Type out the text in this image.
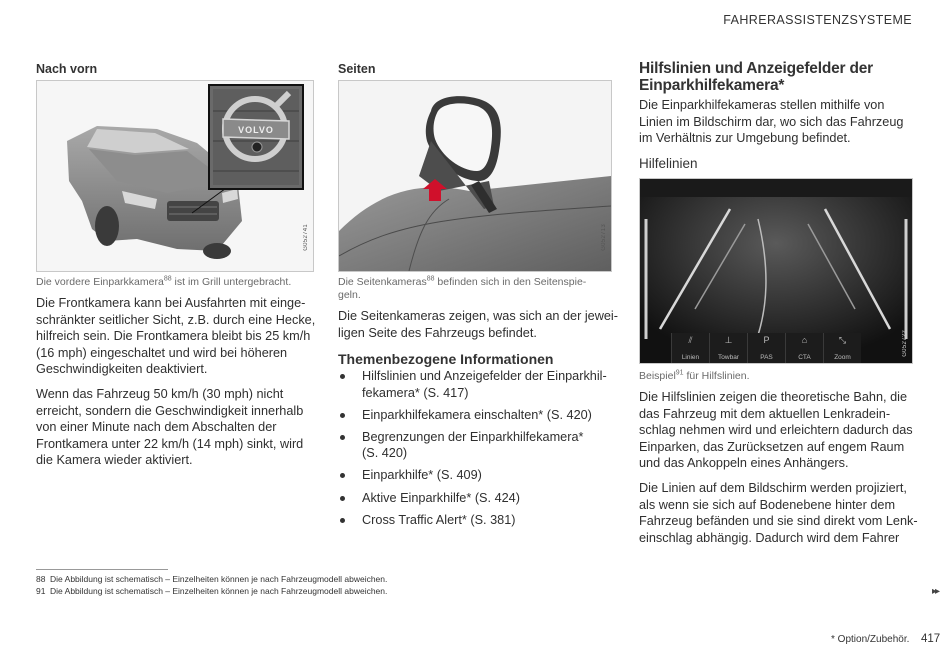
FAHRERASSISTENZSYSTEME
Nach vorn
VOLVO
G052741
Die vordere Einparkkamera$^{88}$ ist im Grill untergebracht.

Die Frontkamera kann bei Ausfahrten mit einge-
schränkter seitlicher Sicht, z.B. durch eine Hecke,
hilfreich sein. Die Frontkamera bleibt bis 25 km/h
(16 mph) eingeschaltet und wird bei höheren
Geschwindigkeiten deaktiviert.

Wenn das Fahrzeug 50 km/h (30 mph) nicht
erreicht, sondern die Geschwindigkeit innerhalb
von einer Minute nach dem Abschalten der
Frontkamera unter 22 km/h (14 mph) sinkt, wird
die Kamera wieder aktiviert.

Seiten
G052713
Die Seitenkameras$^{88}$ befinden sich in den Seitenspie-
geln.
Die Seitenkameras zeigen, was sich an der jewei-
ligen Seite des Fahrzeugs befindet.
Themenbezogene Informationen
Hilfslinien und Anzeigefelder der Einparkhil-
fekamera* (S. 417)
Einparkhilfekamera einschalten* (S. 420)
Begrenzungen der Einparkhilfekamera*
(S. 420)
Einparkhilfe* (S. 409)
Aktive Einparkhilfe* (S. 424)
Cross Traffic Alert* (S. 381)
Hilfslinien und Anzeigefelder der
Einparkhilfekamera*
Die Einparkhilfekameras stellen mithilfe von
Linien im Bildschirm dar, wo sich das Fahrzeug
im Verhältnis zur Umgebung befindet.
Hilfelinien
⫽
Linien
⊥
Towbar
P
PAS
⌂
CTA
⤡
Zoom
G052722
Beispiel$^{91}$ für Hilfslinien.

Die Hilfslinien zeigen die theoretische Bahn, die
das Fahrzeug mit dem aktuellen Lenkradein-
schlag nehmen wird und erleichtern dadurch das
Einparken, das Zurücksetzen auf engem Raum
und das Ankoppeln eines Anhängers.

Die Linien auf dem Bildschirm werden projiziert,
als wenn sie sich auf Bodenebene hinter dem
Fahrzeug befänden und sie sind direkt vom Lenk-
einschlag abhängig. Dadurch wird dem Fahrer

88 Die Abbildung ist schematisch – Einzelheiten können je nach Fahrzeugmodell abweichen.
91 Die Abbildung ist schematisch – Einzelheiten können je nach Fahrzeugmodell abweichen.	▸▸
* Option/Zubehör. 417
